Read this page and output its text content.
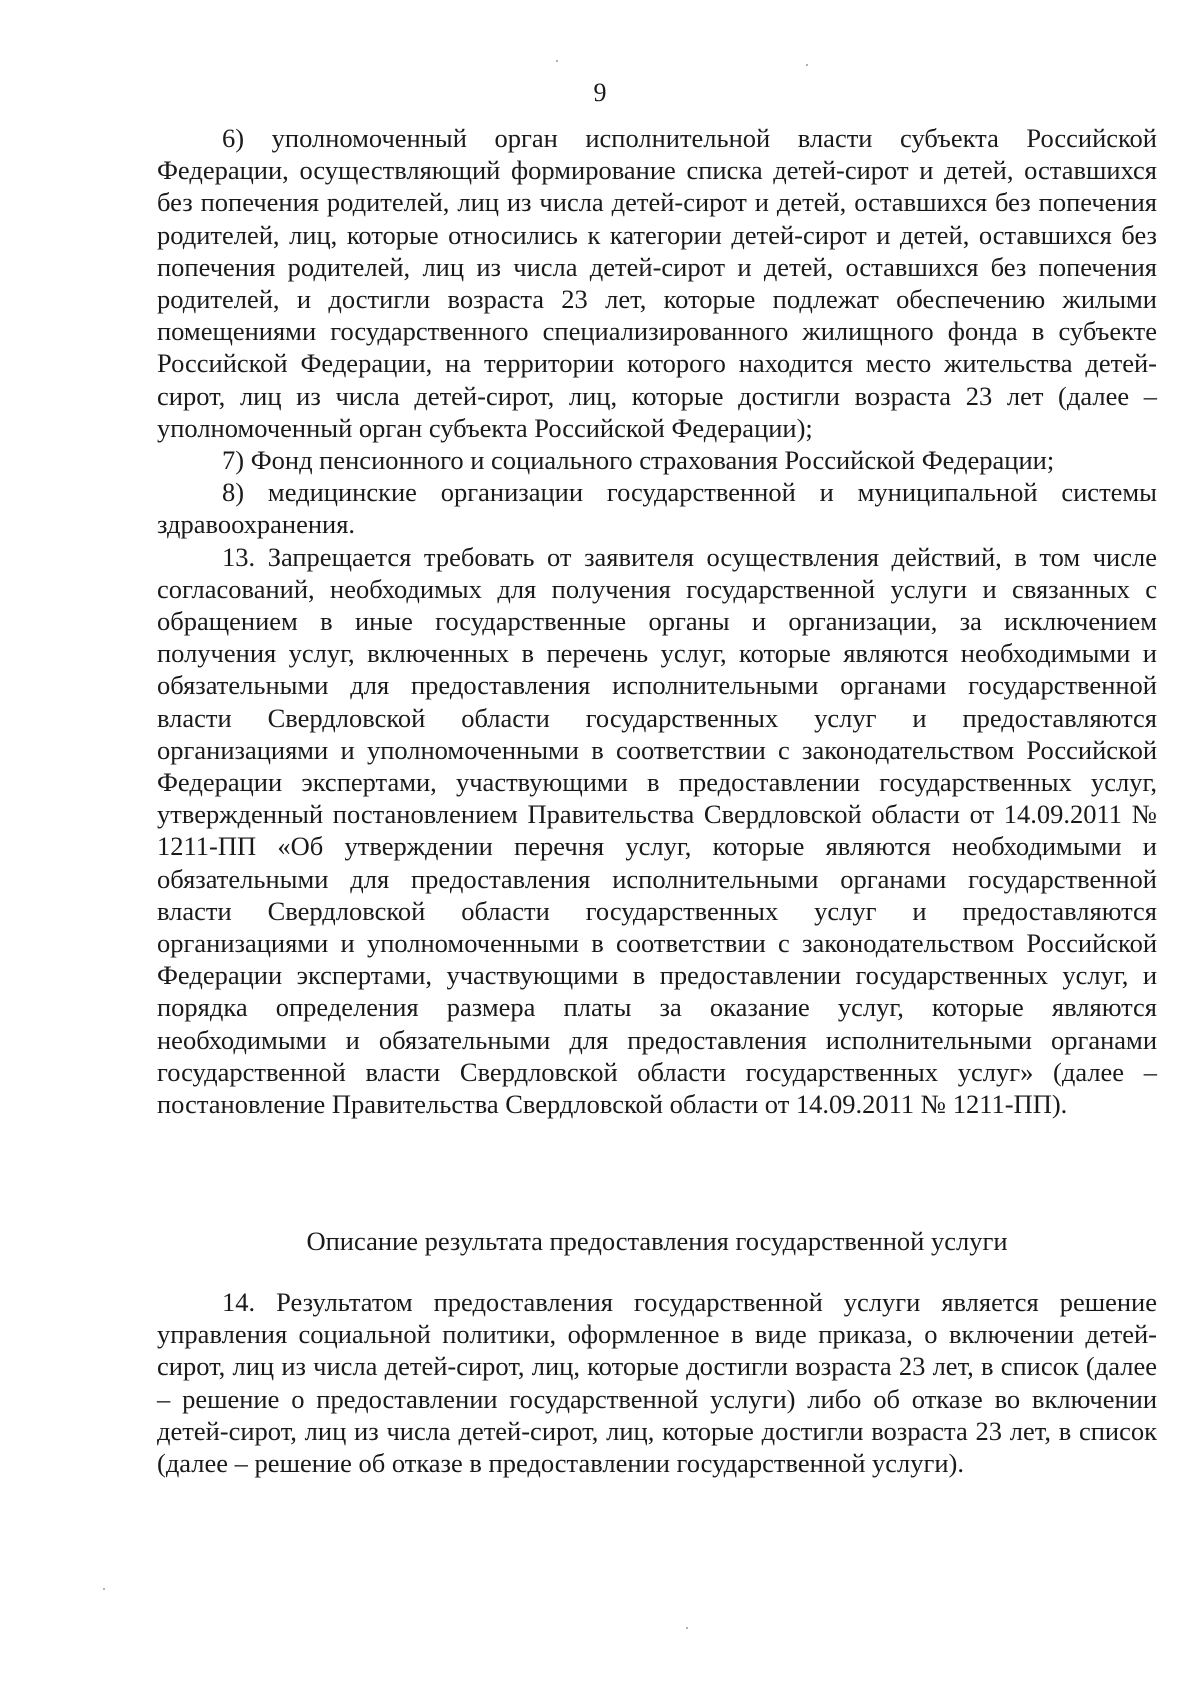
9

6) уполномоченный орган исполнительной власти субъекта Российской Федерации, осуществляющий формирование списка детей-сирот и детей, оставшихся без попечения родителей, лиц из числа детей-сирот и детей, оставшихся без попечения родителей, лиц, которые относились к категории детей-сирот и детей, оставшихся без попечения родителей, лиц из числа детей-сирот и детей, оставшихся без попечения родителей, и достигли возраста 23 лет, которые подлежат обеспечению жилыми помещениями государственного специализированного жилищного фонда в субъекте Российской Федерации, на территории которого находится место жительства детей-сирот, лиц из числа детей-сирот, лиц, которые достигли возраста 23 лет (далее – уполномоченный орган субъекта Российской Федерации);

7) Фонд пенсионного и социального страхования Российской Федерации;

8) медицинские организации государственной и муниципальной системы здравоохранения.

13. Запрещается требовать от заявителя осуществления действий, в том числе согласований, необходимых для получения государственной услуги и связанных с обращением в иные государственные органы и организации, за исключением получения услуг, включенных в перечень услуг, которые являются необходимыми и обязательными для предоставления исполнительными органами государственной власти Свердловской области государственных услуг и предоставляются организациями и уполномоченными в соответствии с законодательством Российской Федерации экспертами, участвующими в предоставлении государственных услуг, утвержденный постановлением Правительства Свердловской области от 14.09.2011 № 1211-ПП «Об утверждении перечня услуг, которые являются необходимыми и обязательными для предоставления исполнительными органами государственной власти Свердловской области государственных услуг и предоставляются организациями и уполномоченными в соответствии с законодательством Российской Федерации экспертами, участвующими в предоставлении государственных услуг, и порядка определения размера платы за оказание услуг, которые являются необходимыми и обязательными для предоставления исполнительными органами государственной власти Свердловской области государственных услуг» (далее – постановление Правительства Свердловской области от 14.09.2011 № 1211-ПП).

Описание результата предоставления государственной услуги

14. Результатом предоставления государственной услуги является решение управления социальной политики, оформленное в виде приказа, о включении детей-сирот, лиц из числа детей-сирот, лиц, которые достигли возраста 23 лет, в список (далее – решение о предоставлении государственной услуги) либо об отказе во включении детей-сирот, лиц из числа детей-сирот, лиц, которые достигли возраста 23 лет, в список (далее – решение об отказе в предоставлении государственной услуги).
